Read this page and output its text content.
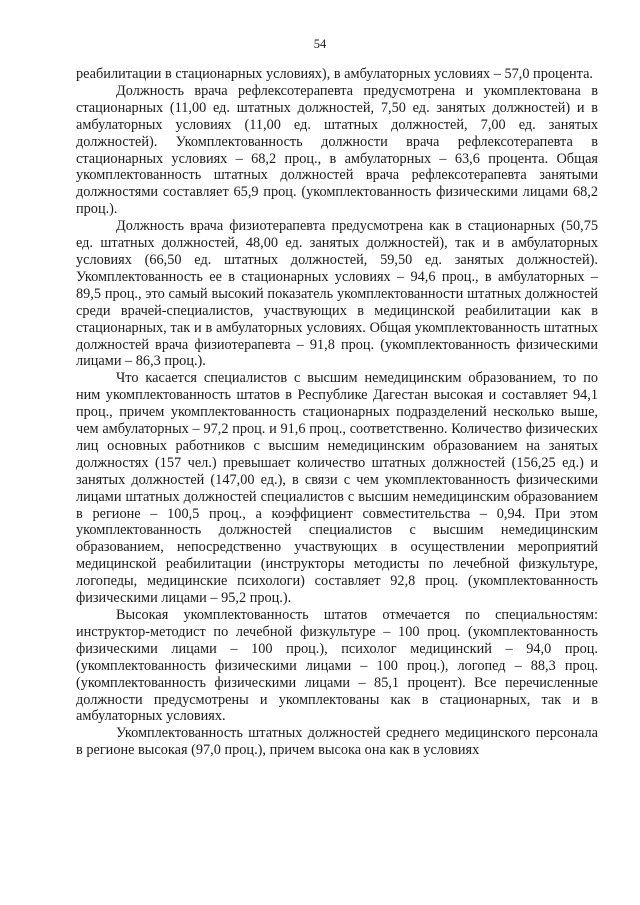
54

реабилитации в стационарных условиях), в амбулаторных условиях – 57,0 процента.

Должность врача рефлексотерапевта предусмотрена и укомплектована в стационарных (11,00 ед. штатных должностей, 7,50 ед. занятых должностей) и в амбулаторных условиях (11,00 ед. штатных должностей, 7,00 ед. занятых должностей). Укомплектованность должности врача рефлексотерапевта в стационарных условиях – 68,2 проц., в амбулаторных – 63,6 процента. Общая укомплектованность штатных должностей врача рефлексотерапевта занятыми должностями составляет 65,9 проц. (укомплектованность физическими лицами 68,2 проц.).

Должность врача физиотерапевта предусмотрена как в стационарных (50,75 ед. штатных должностей, 48,00 ед. занятых должностей), так и в амбулаторных условиях (66,50 ед. штатных должностей, 59,50 ед. занятых должностей). Укомплектованность ее в стационарных условиях – 94,6 проц., в амбулаторных – 89,5 проц., это самый высокий показатель укомплектованности штатных должностей среди врачей-специалистов, участвующих в медицинской реабилитации как в стационарных, так и в амбулаторных условиях. Общая укомплектованность штатных должностей врача физиотерапевта – 91,8 проц. (укомплектованность физическими лицами – 86,3 проц.).

Что касается специалистов с высшим немедицинским образованием, то по ним укомплектованность штатов в Республике Дагестан высокая и составляет 94,1 проц., причем укомплектованность стационарных подразделений несколько выше, чем амбулаторных – 97,2 проц. и 91,6 проц., соответственно. Количество физических лиц основных работников с высшим немедицинским образованием на занятых должностях (157 чел.) превышает количество штатных должностей (156,25 ед.) и занятых должностей (147,00 ед.), в связи с чем укомплектованность физическими лицами штатных должностей специалистов с высшим немедицинским образованием в регионе – 100,5 проц., а коэффициент совместительства – 0,94. При этом укомплектованность должностей специалистов с высшим немедицинским образованием, непосредственно участвующих в осуществлении мероприятий медицинской реабилитации (инструкторы методисты по лечебной физкультуре, логопеды, медицинские психологи) составляет 92,8 проц. (укомплектованность физическими лицами – 95,2 проц.).

Высокая укомплектованность штатов отмечается по специальностям: инструктор-методист по лечебной физкультуре – 100 проц. (укомплектованность физическими лицами – 100 проц.), психолог медицинский – 94,0 проц. (укомплектованность физическими лицами – 100 проц.), логопед – 88,3 проц. (укомплектованность физическими лицами – 85,1 процент). Все перечисленные должности предусмотрены и укомплектованы как в стационарных, так и в амбулаторных условиях.

Укомплектованность штатных должностей среднего медицинского персонала в регионе высокая (97,0 проц.), причем высока она как в условиях
